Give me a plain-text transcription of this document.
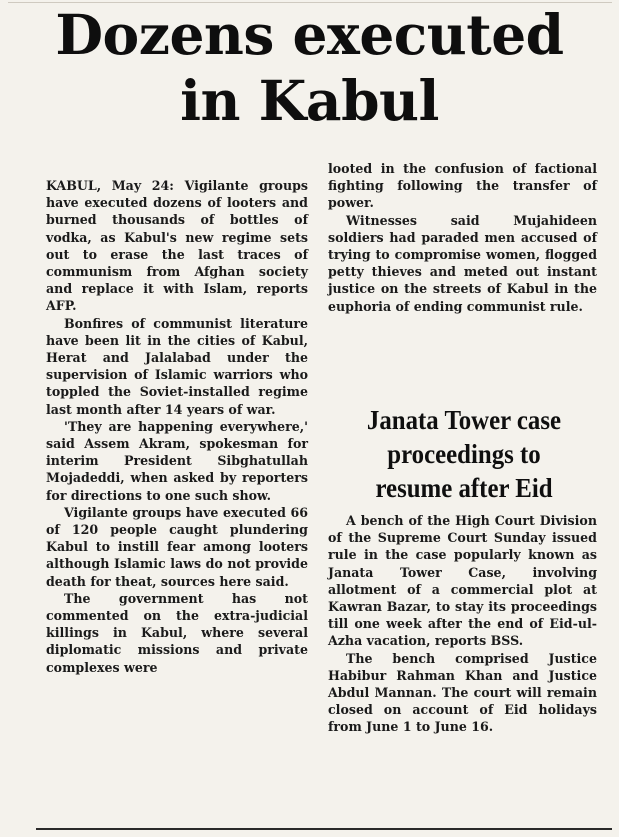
Dozens executed
in Kabul

KABUL, May 24: Vigilante groups have executed dozens of looters and burned thousands of bottles of vodka, as Kabul's new regime sets out to erase the last traces of communism from Afghan society and replace it with Islam, reports AFP.

Bonfires of communist literature have been lit in the cities of Kabul, Herat and Jalalabad under the supervision of Islamic warriors who toppled the Soviet-installed regime last month after 14 years of war.

'They are happening everywhere,' said Assem Akram, spokesman for interim President Sibghatullah Mojadeddi, when asked by reporters for directions to one such show.

Vigilante groups have executed 66 of 120 people caught plundering Kabul to instill fear among looters although Islamic laws do not provide death for theat, sources here said.

The government has not commented on the extra-judicial killings in Kabul, where several diplomatic missions and private complexes were

looted in the confusion of factional fighting following the transfer of power.

Witnesses said Mujahideen soldiers had paraded men accused of trying to compromise women, flogged petty thieves and meted out instant justice on the streets of Kabul in the euphoria of ending communist rule.

Janata Tower case
proceedings to
resume after Eid

A bench of the High Court Division of the Supreme Court Sunday issued rule in the case popularly known as Janata Tower Case, involving allotment of a commercial plot at Kawran Bazar, to stay its proceedings till one week after the end of Eid-ul-Azha vacation, reports BSS.

The bench comprised Justice Habibur Rahman Khan and Justice Abdul Mannan. The court will remain closed on account of Eid holidays from June 1 to June 16.
